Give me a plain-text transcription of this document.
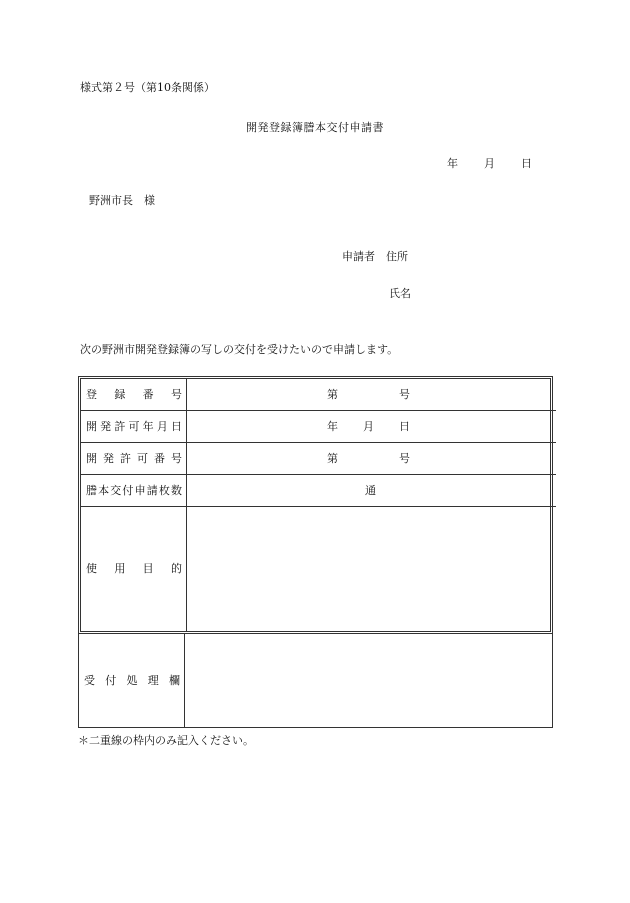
様式第２号（第10条関係）
開発登録簿謄本交付申請書
年 月 日
野洲市長　様
申請者　住所
氏名
次の野洲市開発登録簿の写しの交付を受けたいので申請します。
登録番号	第	号
開発許可年月日	年 月 日
開発許可番号	第	号
謄本交付申請枚数	通
使用目的
受付処理欄
＊二重線の枠内のみ記入ください。
